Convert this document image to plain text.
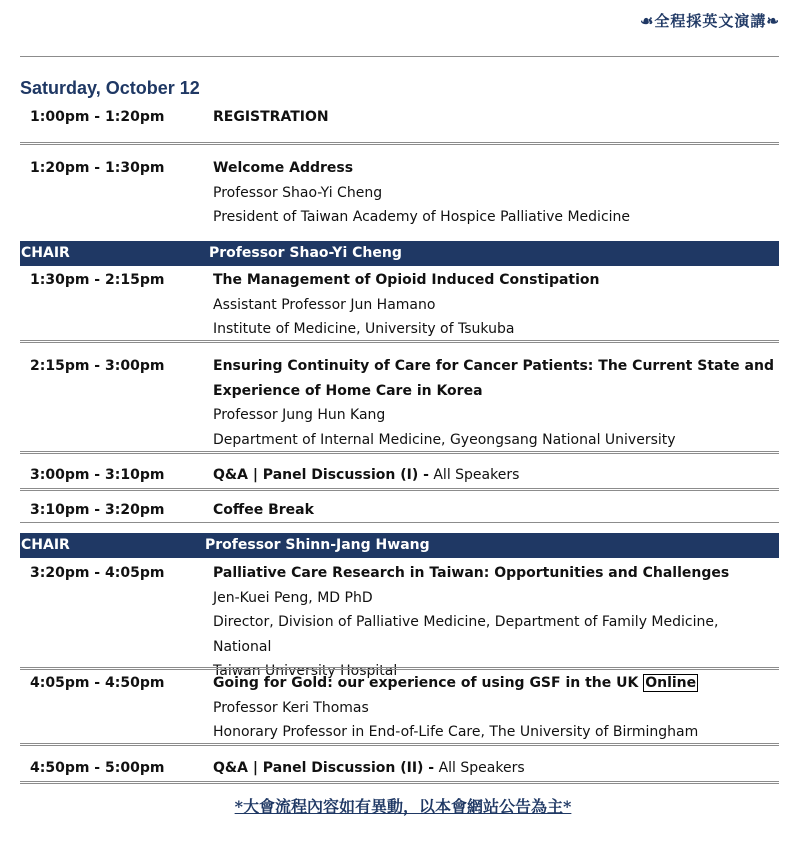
☙全程採英文演講❧
Saturday, October 12
1:00pm - 1:20pm	REGISTRATION
1:20pm - 1:30pm	Welcome Address
Professor Shao-Yi Cheng
President of Taiwan Academy of Hospice Palliative Medicine
CHAIR	Professor Shao-Yi Cheng
1:30pm - 2:15pm	The Management of Opioid Induced Constipation
Assistant Professor Jun Hamano
Institute of Medicine, University of Tsukuba
2:15pm - 3:00pm	Ensuring Continuity of Care for Cancer Patients: The Current State and
Experience of Home Care in Korea
Professor Jung Hun Kang
Department of Internal Medicine, Gyeongsang National University
3:00pm - 3:10pm	Q&A | Panel Discussion (I) - All Speakers
3:10pm - 3:20pm	Coffee Break
CHAIR	Professor Shinn-Jang Hwang
3:20pm - 4:05pm	Palliative Care Research in Taiwan: Opportunities and Challenges
Jen-Kuei Peng, MD PhD
Director, Division of Palliative Medicine, Department of Family Medicine, National
Taiwan University Hospital
4:05pm - 4:50pm	Going for Gold: our experience of using GSF in the UK Online
Professor Keri Thomas
Honorary Professor in End-of-Life Care, The University of Birmingham
4:50pm - 5:00pm	Q&A | Panel Discussion (II) - All Speakers
*大會流程內容如有異動，以本會網站公告為主*
